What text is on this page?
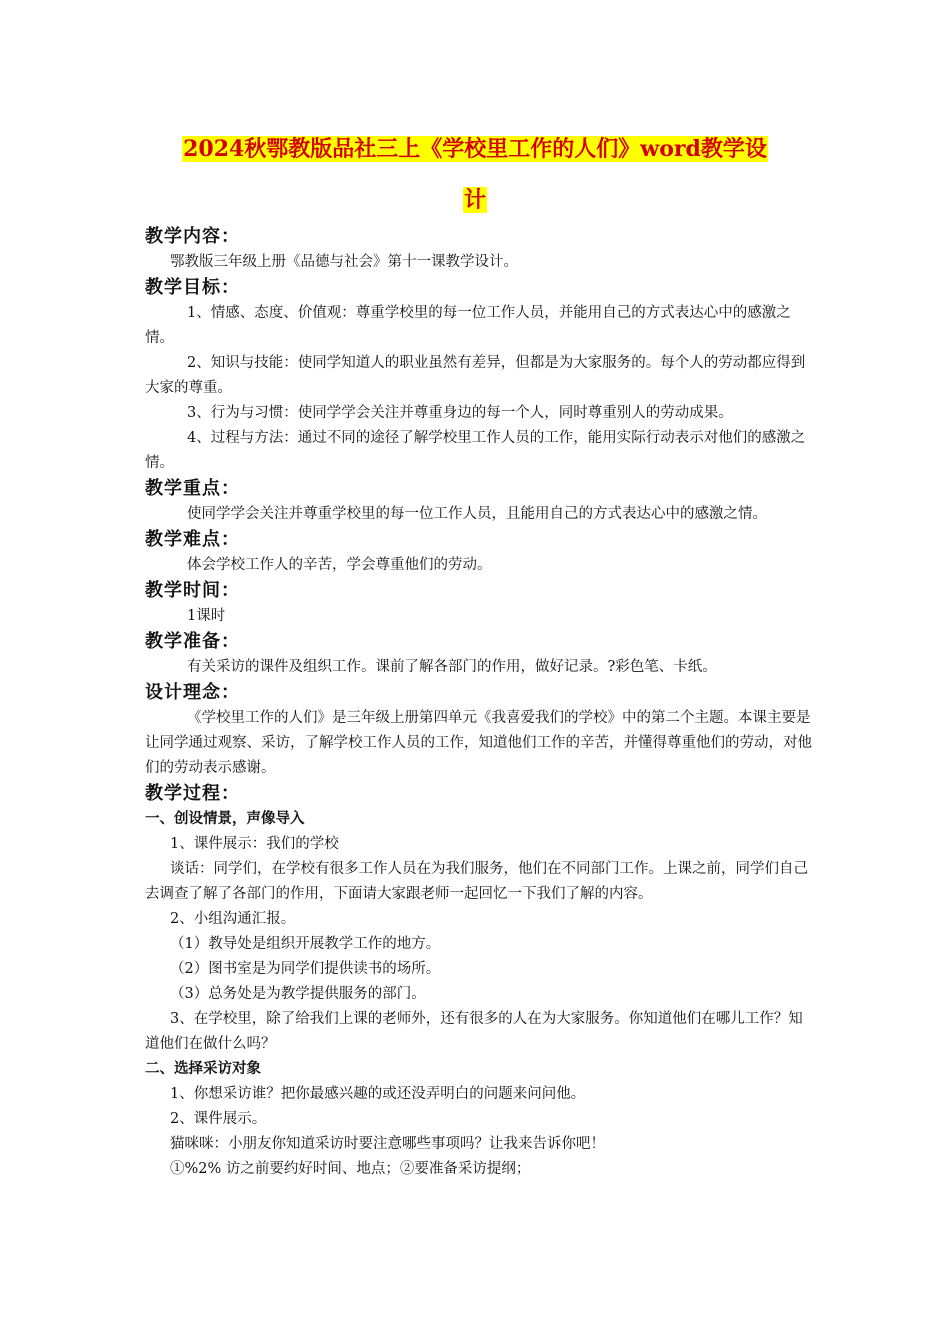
2024秋鄂教版品社三上《学校里工作的人们》word教学设
计

教学内容：

鄂教版三年级上册《品德与社会》第十一课教学设计。

教学目标：

1、情感、态度、价值观：尊重学校里的每一位工作人员，并能用自己的方式表达心中的感激之情。

2、知识与技能：使同学知道人的职业虽然有差异，但都是为大家服务的。每个人的劳动都应得到大家的尊重。

3、行为与习惯：使同学学会关注并尊重身边的每一个人，同时尊重别人的劳动成果。

4、过程与方法：通过不同的途径了解学校里工作人员的工作，能用实际行动表示对他们的感激之情。

教学重点：

使同学学会关注并尊重学校里的每一位工作人员，且能用自己的方式表达心中的感激之情。

教学难点：

体会学校工作人的辛苦，学会尊重他们的劳动。

教学时间：

1课时

教学准备：

有关采访的课件及组织工作。课前了解各部门的作用，做好记录。?彩色笔、卡纸。

设计理念：

《学校里工作的人们》是三年级上册第四单元《我喜爱我们的学校》中的第二个主题。本课主要是让同学通过观察、采访，了解学校工作人员的工作，知道他们工作的辛苦，并懂得尊重他们的劳动，对他们的劳动表示感谢。

教学过程：

一、创设情景，声像导入

1、课件展示：我们的学校

谈话：同学们，在学校有很多工作人员在为我们服务，他们在不同部门工作。上课之前，同学们自己去调查了解了各部门的作用，下面请大家跟老师一起回忆一下我们了解的内容。

2、小组沟通汇报。

（1）教导处是组织开展教学工作的地方。

（2）图书室是为同学们提供读书的场所。

（3）总务处是为教学提供服务的部门。

3、在学校里，除了给我们上课的老师外，还有很多的人在为大家服务。你知道他们在哪儿工作？知道他们在做什么吗？

二、选择采访对象

1、你想采访谁？把你最感兴趣的或还没弄明白的问题来问问他。

2、课件展示。

猫咪咪：小朋友你知道采访时要注意哪些事项吗？让我来告诉你吧！

①%2% 访之前要约好时间、地点；②要准备采访提纲；
